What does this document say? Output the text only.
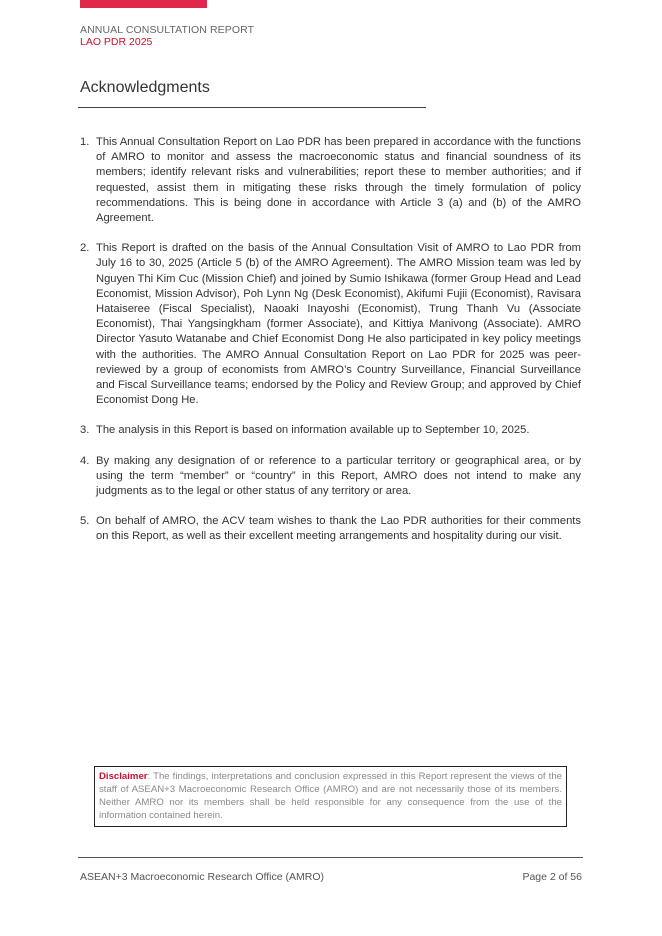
ANNUAL CONSULTATION REPORT
LAO PDR 2025
Acknowledgments
1. This Annual Consultation Report on Lao PDR has been prepared in accordance with the functions of AMRO to monitor and assess the macroeconomic status and financial soundness of its members; identify relevant risks and vulnerabilities; report these to member authorities; and if requested, assist them in mitigating these risks through the timely formulation of policy recommendations. This is being done in accordance with Article 3 (a) and (b) of the AMRO Agreement.
2. This Report is drafted on the basis of the Annual Consultation Visit of AMRO to Lao PDR from July 16 to 30, 2025 (Article 5 (b) of the AMRO Agreement). The AMRO Mission team was led by Nguyen Thi Kim Cuc (Mission Chief) and joined by Sumio Ishikawa (former Group Head and Lead Economist, Mission Advisor), Poh Lynn Ng (Desk Economist), Akifumi Fujii (Economist), Ravisara Hataiseree (Fiscal Specialist), Naoaki Inayoshi (Economist), Trung Thanh Vu (Associate Economist), Thai Yangsingkham (former Associate), and Kittiya Manivong (Associate). AMRO Director Yasuto Watanabe and Chief Economist Dong He also participated in key policy meetings with the authorities. The AMRO Annual Consultation Report on Lao PDR for 2025 was peer-reviewed by a group of economists from AMRO’s Country Surveillance, Financial Surveillance and Fiscal Surveillance teams; endorsed by the Policy and Review Group; and approved by Chief Economist Dong He.
3. The analysis in this Report is based on information available up to September 10, 2025.
4. By making any designation of or reference to a particular territory or geographical area, or by using the term “member” or “country” in this Report, AMRO does not intend to make any judgments as to the legal or other status of any territory or area.
5. On behalf of AMRO, the ACV team wishes to thank the Lao PDR authorities for their comments on this Report, as well as their excellent meeting arrangements and hospitality during our visit.
Disclaimer: The findings, interpretations and conclusion expressed in this Report represent the views of the staff of ASEAN+3 Macroeconomic Research Office (AMRO) and are not necessarily those of its members. Neither AMRO nor its members shall be held responsible for any consequence from the use of the information contained herein.
ASEAN+3 Macroeconomic Research Office (AMRO)	Page 2 of 56
